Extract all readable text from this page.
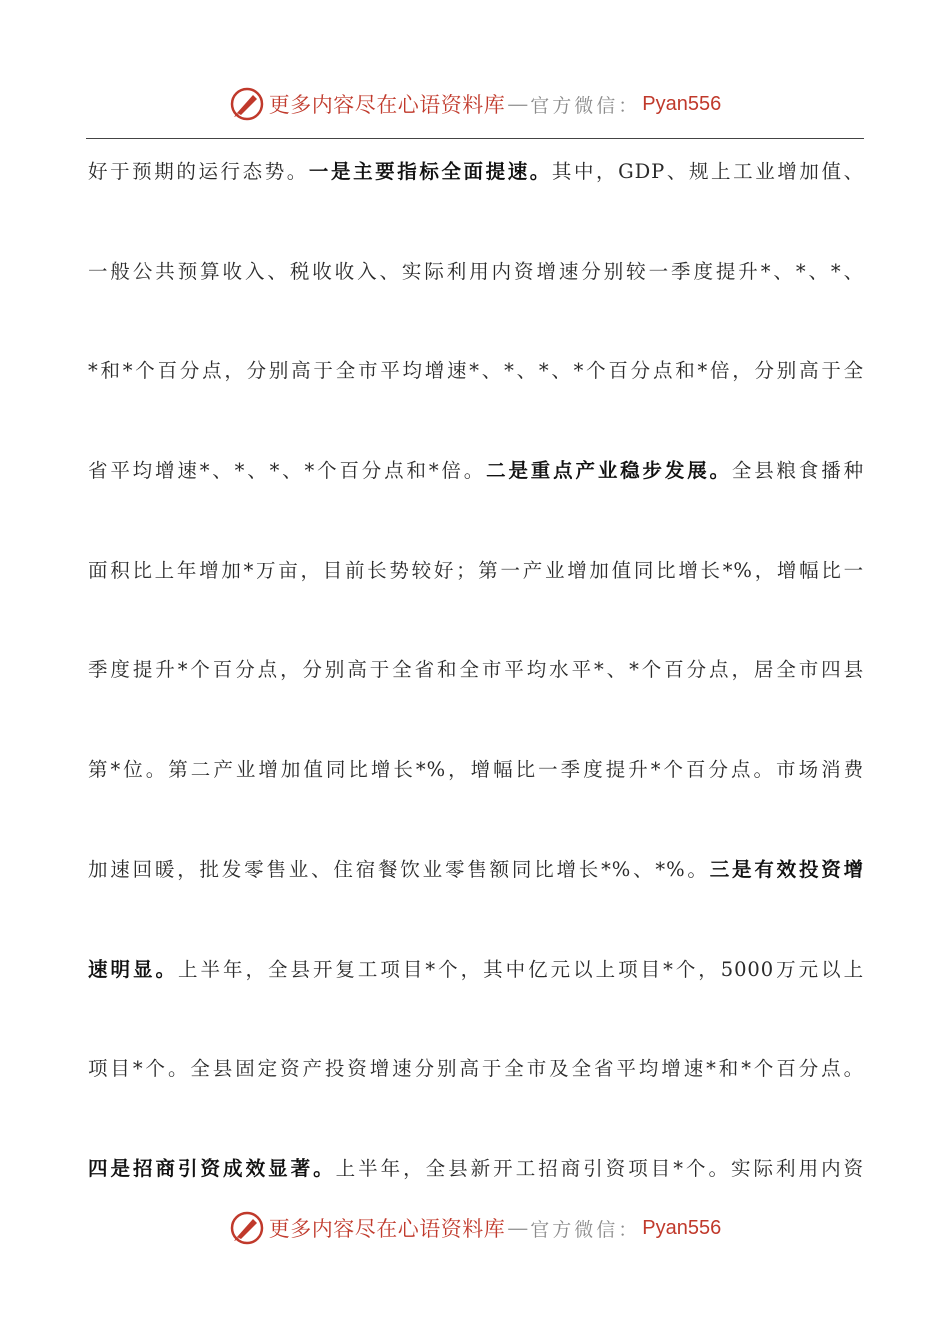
更多内容尽在心语资料库 — 官方微信： Pyan556
好于预期的运行态势。一是主要指标全面提速。其中，GDP、规上工业增加值、
一般公共预算收入、税收收入、实际利用内资增速分别较一季度提升*、*、*、
*和*个百分点，分别高于全市平均增速*、*、*、*个百分点和*倍，分别高于全
省平均增速*、*、*、*个百分点和*倍。二是重点产业稳步发展。全县粮食播种
面积比上年增加*万亩，目前长势较好；第一产业增加值同比增长*%，增幅比一
季度提升*个百分点，分别高于全省和全市平均水平*、*个百分点，居全市四县
第*位。第二产业增加值同比增长*%，增幅比一季度提升*个百分点。市场消费
加速回暖，批发零售业、住宿餐饮业零售额同比增长*%、*%。三是有效投资增
速明显。上半年，全县开复工项目*个，其中亿元以上项目*个，5000万元以上
项目*个。全县固定资产投资增速分别高于全市及全省平均增速*和*个百分点。
四是招商引资成效显著。上半年，全县新开工招商引资项目*个。实际利用内资
更多内容尽在心语资料库 — 官方微信： Pyan556
